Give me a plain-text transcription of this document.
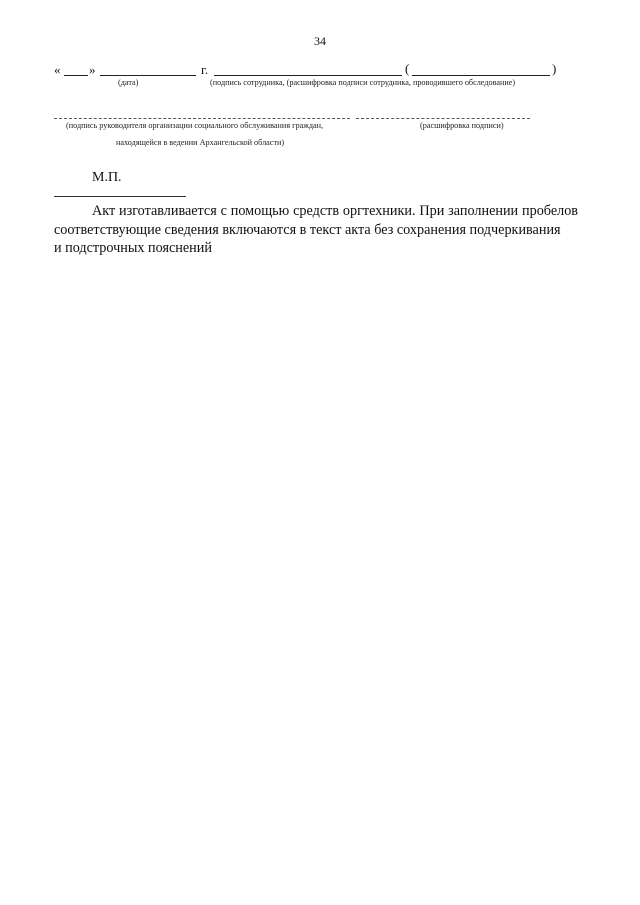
34
« »	г.	(	)
(дата)	(подпись сотрудника, (расшифровка подписи сотрудника, проводившего обследование)
(подпись руководителя организации социального обслуживания граждан,	(расшифровка подписи)
находящейся в ведении Архангельской области)
М.П.
Акт изготавливается с помощью средств оргтехники. При заполнении пробелов соответствующие сведения включаются в текст акта без сохранения подчеркивания
и подстрочных пояснений
